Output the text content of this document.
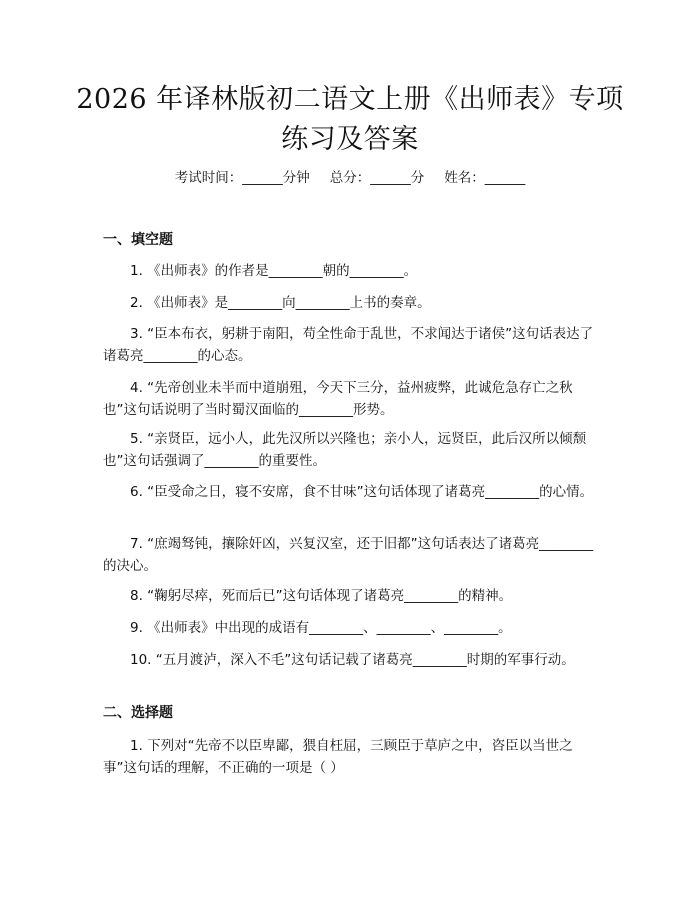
2026 年译林版初二语文上册《出师表》专项
练习及答案
考试时间：______分钟 总分：______分 姓名：______
一、填空题

1. 《出师表》的作者是________朝的________。

2. 《出师表》是________向________上书的奏章。

3. “臣本布衣，躬耕于南阳，苟全性命于乱世，不求闻达于诸侯”这句话表达了诸葛亮________的心态。

4. “先帝创业未半而中道崩殂，今天下三分，益州疲弊，此诚危急存亡之秋也”这句话说明了当时蜀汉面临的________形势。

5. “亲贤臣，远小人，此先汉所以兴隆也；亲小人，远贤臣，此后汉所以倾颓也”这句话强调了________的重要性。

6. “臣受命之日，寝不安席，食不甘味”这句话体现了诸葛亮________的心情。

7. “庶竭驽钝，攘除奸凶，兴复汉室，还于旧都”这句话表达了诸葛亮________的决心。

8. “鞠躬尽瘁，死而后已”这句话体现了诸葛亮________的精神。

9. 《出师表》中出现的成语有________、________、________。

10. “五月渡泸，深入不毛”这句话记载了诸葛亮________时期的军事行动。

二、选择题

1. 下列对“先帝不以臣卑鄙，猥自枉屈，三顾臣于草庐之中，咨臣以当世之事”这句话的理解，不正确的一项是（ ）
